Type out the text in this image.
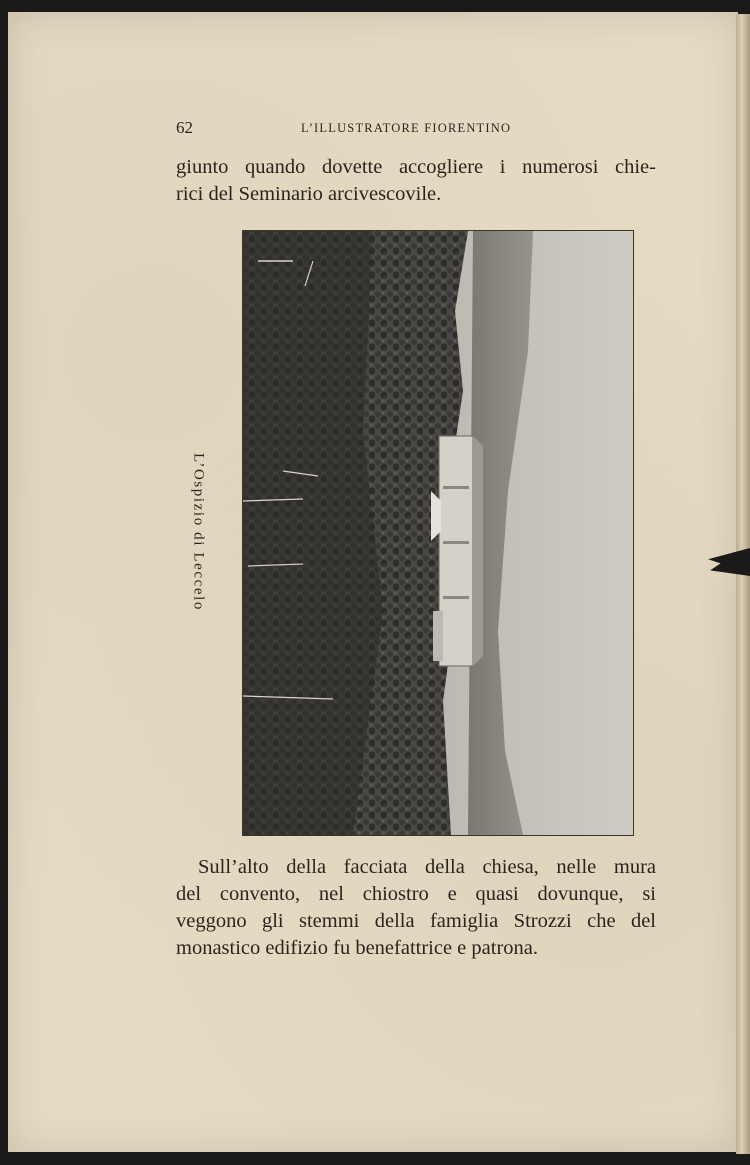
62	L’ILLUSTRATORE FIORENTINO
giunto quando dovette accogliere i numerosi chie-
rici del Seminario arcivescovile.
L’Ospizio di Leccelo
Sull’alto della facciata della chiesa, nelle mura
del convento, nel chiostro e quasi dovunque, si
veggono gli stemmi della famiglia Strozzi che del
monastico edifizio fu benefattrice e patrona.
